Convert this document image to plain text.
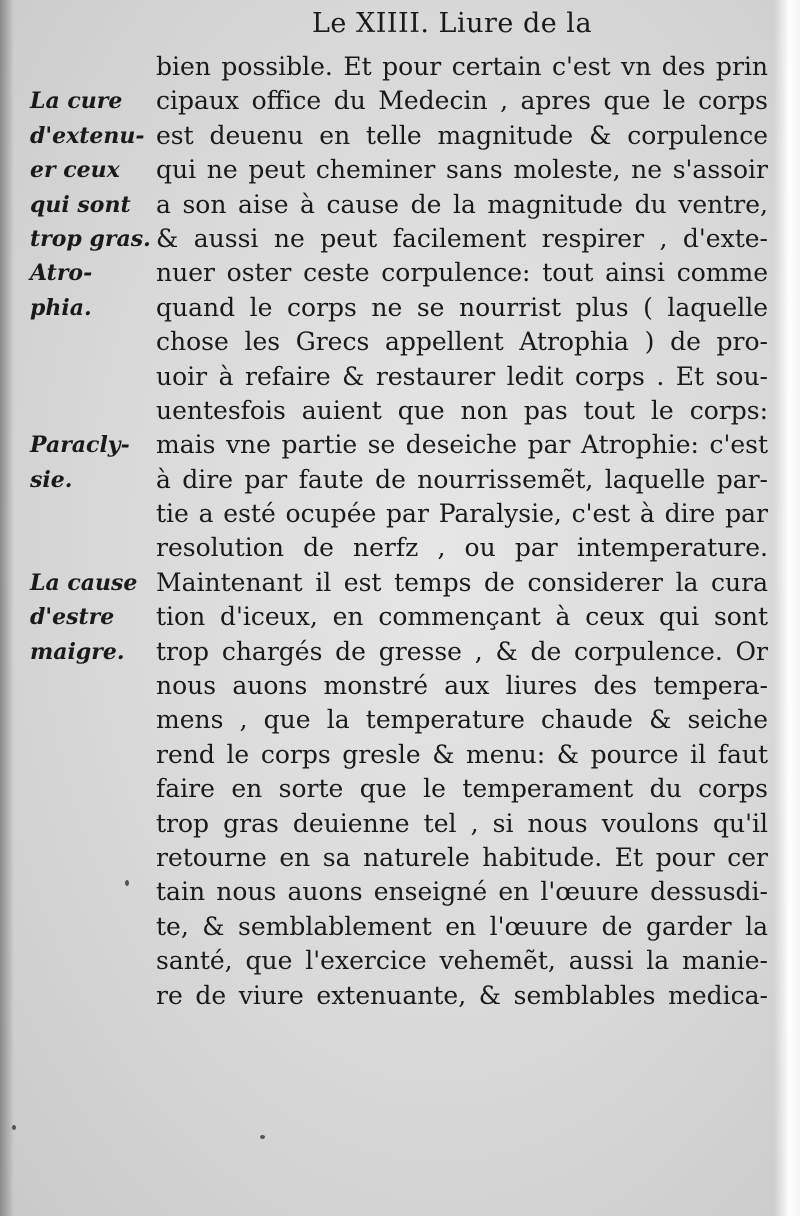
Le XIIII. Liure de la
bien possible. Et pour certain c'est vn des prin
cipaux office du Medecin , apres que le corps
est deuenu en telle magnitude & corpulence
qui ne peut cheminer sans moleste, ne s'assoir
a son aise à cause de la magnitude du ventre,
& aussi ne peut facilement respirer , d'exte-
nuer oster ceste corpulence: tout ainsi comme
quand le corps ne se nourrist plus ( laquelle
chose les Grecs appellent Atrophia ) de pro-
uoir à refaire & restaurer ledit corps . Et sou-
uentesfois auient que non pas tout le corps:
mais vne partie se deseiche par Atrophie: c'est
à dire par faute de nourrissemẽt, laquelle par-
tie a esté ocupée par Paralysie, c'est à dire par
resolution de nerfz , ou par intemperature.
Maintenant il est temps de considerer la cura
tion d'iceux, en commençant à ceux qui sont
trop chargés de gresse , & de corpulence. Or
nous auons monstré aux liures des tempera-
mens , que la temperature chaude & seiche
rend le corps gresle & menu: & pource il faut
faire en sorte que le temperament du corps
trop gras deuienne tel , si nous voulons qu'il
retourne en sa naturele habitude. Et pour cer
tain nous auons enseigné en l'œuure dessusdi-
te, & semblablement en l'œuure de garder la
santé, que l'exercice vehemẽt, aussi la manie-
re de viure extenuante, & semblables medica-
La cure
d'extenu-
er ceux
qui sont
trop gras.
Atro-
phia.
Paracly-
sie.
La cause
d'estre
maigre.
